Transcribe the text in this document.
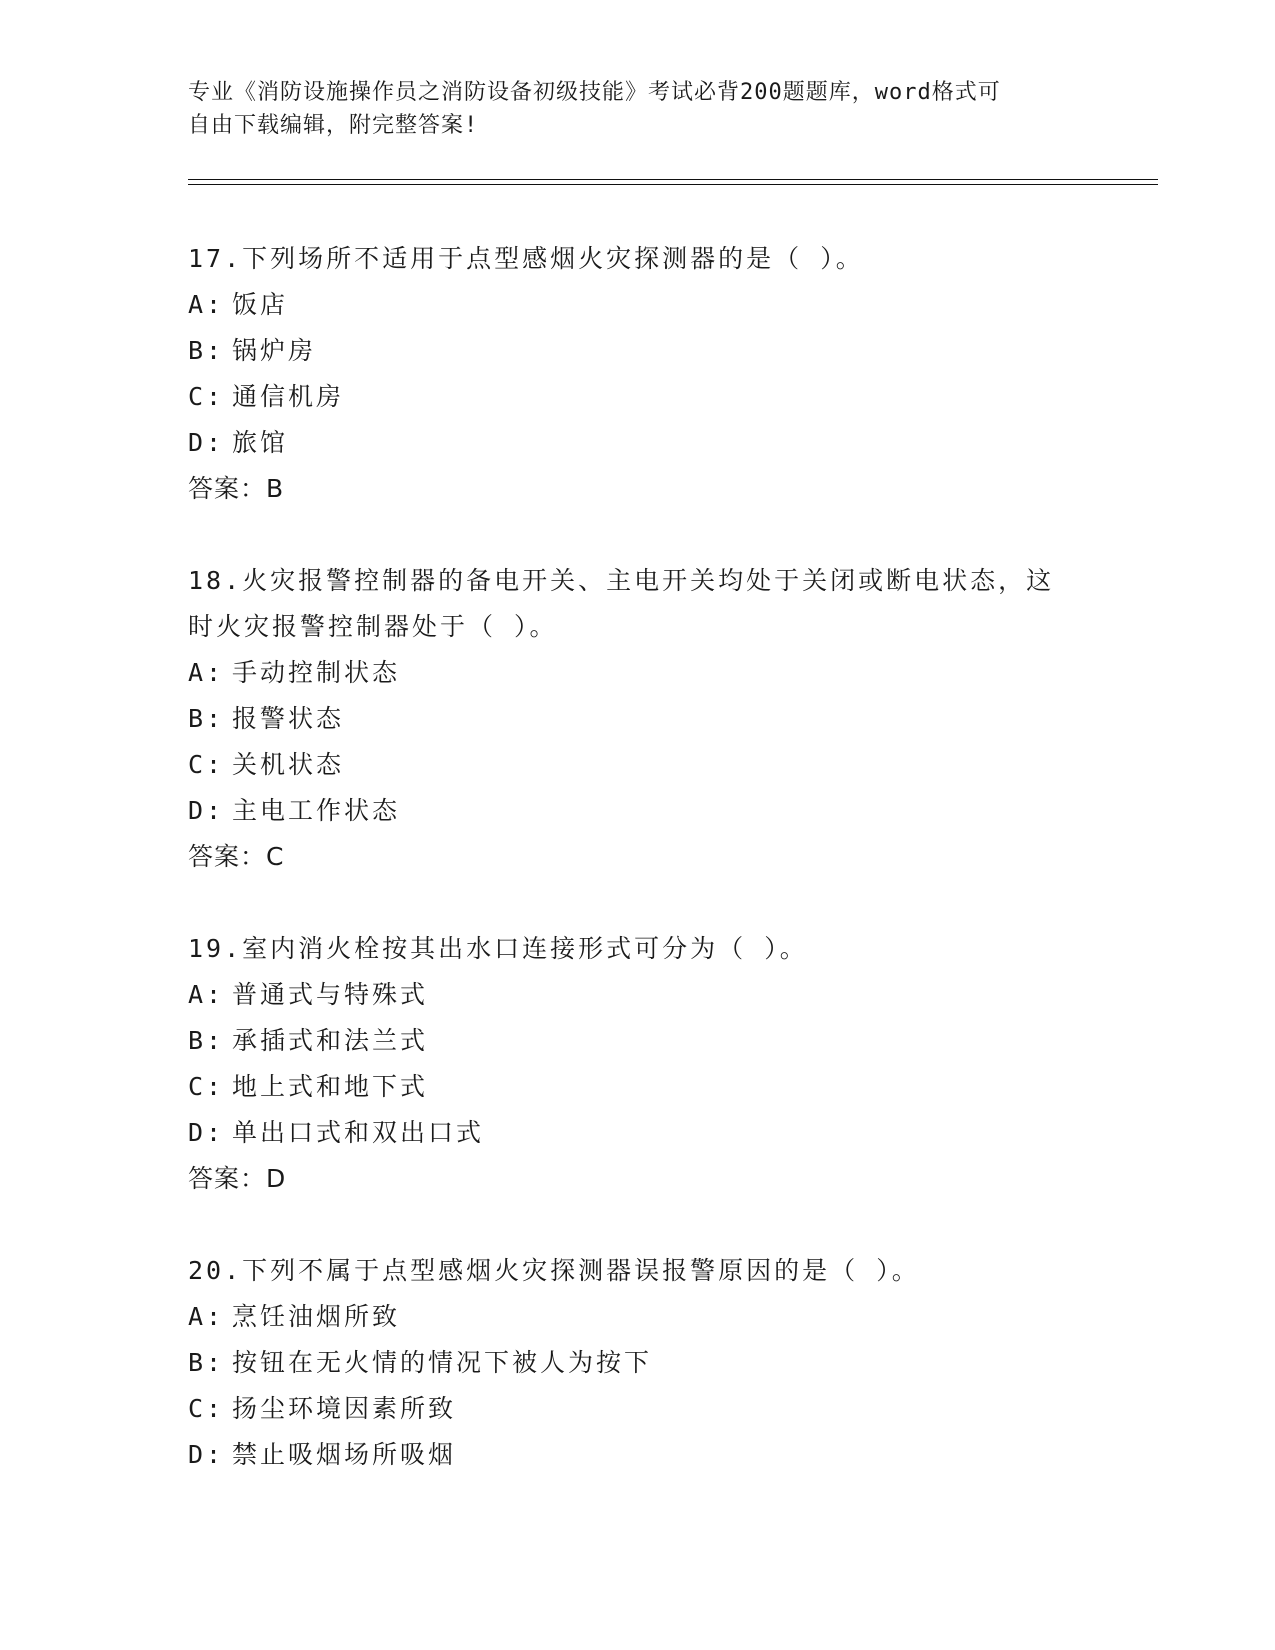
专业《消防设施操作员之消防设备初级技能》考试必背200题题库，word格式可
自由下载编辑，附完整答案!
17.下列场所不适用于点型感烟火灾探测器的是（ ）。
A: 饭店
B: 锅炉房
C: 通信机房
D: 旅馆
答案：B
18.火灾报警控制器的备电开关、主电开关均处于关闭或断电状态，这
时火灾报警控制器处于（ ）。
A: 手动控制状态
B: 报警状态
C: 关机状态
D: 主电工作状态
答案：C
19.室内消火栓按其出水口连接形式可分为（ ）。
A: 普通式与特殊式
B: 承插式和法兰式
C: 地上式和地下式
D: 单出口式和双出口式
答案：D
20.下列不属于点型感烟火灾探测器误报警原因的是（ ）。
A: 烹饪油烟所致
B: 按钮在无火情的情况下被人为按下
C: 扬尘环境因素所致
D: 禁止吸烟场所吸烟
